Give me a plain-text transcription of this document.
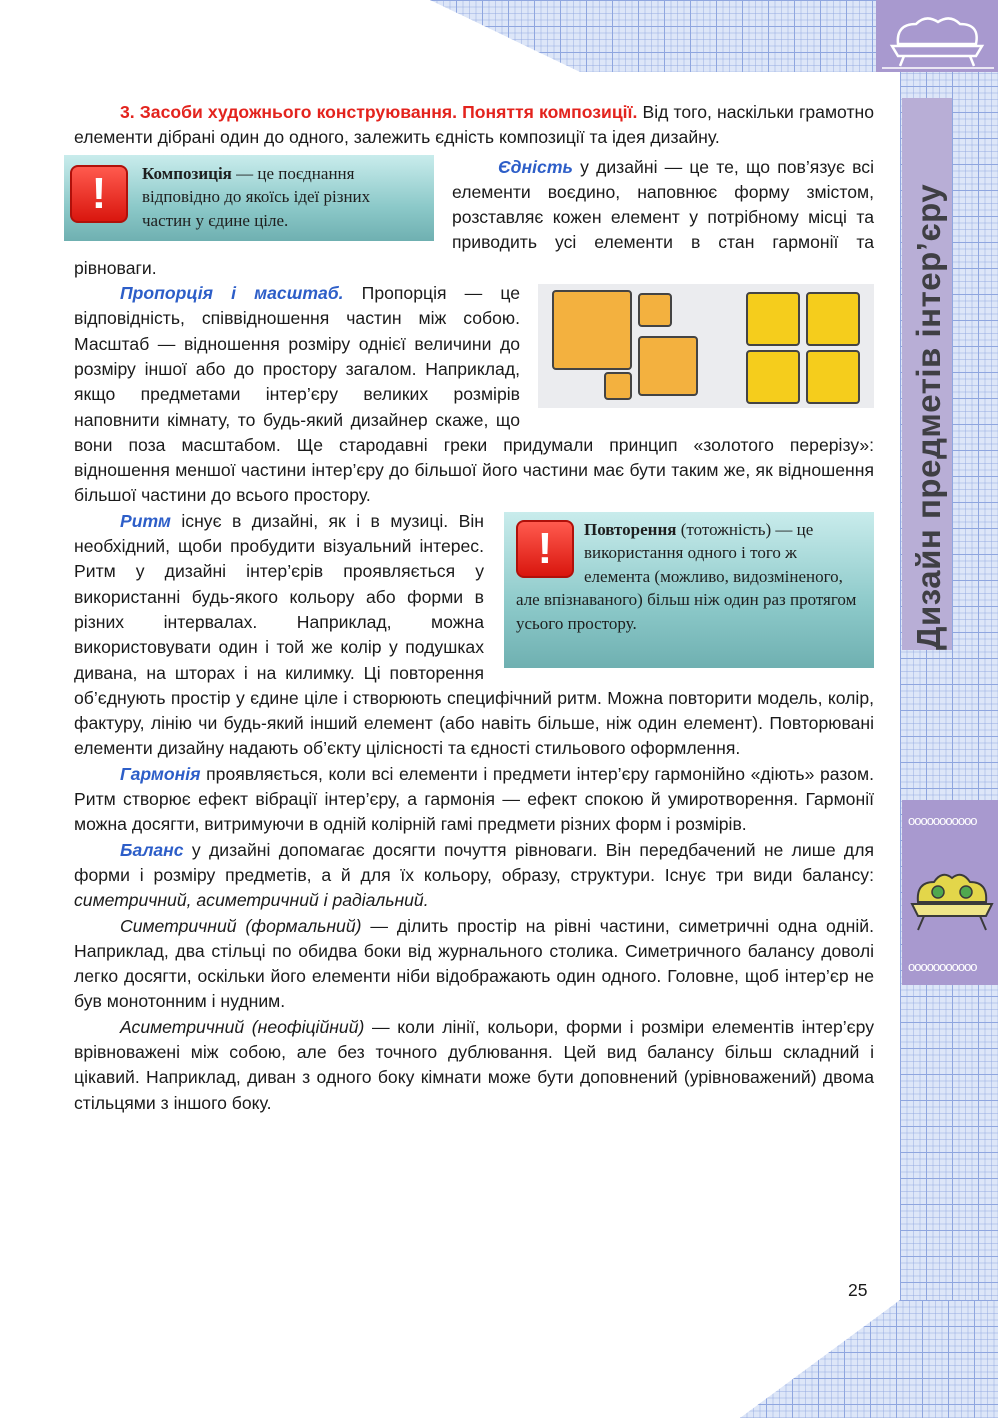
Дизайн предметів інтер’єру
ooooooooooo
ooooooooooo

3. Засоби художнього конструювання. Поняття композиції. Від того, наскільки грамотно елементи дібрані один до одного, залежить єдність композиції та ідея дизайну.

!	Композиція — це поєднання відповідно до якоїсь ідеї різних частин у єдине ціле.

Єдність у дизайні — це те, що пов’язує всі елементи воєдино, наповнює форму змістом, розставляє кожен елемент у потрібному місці та приводить усі елементи в стан гармонії та рівноваги.

Пропорція і масштаб. Пропорція — це відповідність, співвідношення частин між собою. Масштаб — відношення розміру однієї величини до розміру іншої або до простору загалом. Наприклад, якщо предметами інтер’єру великих розмірів наповнити кімнату, то будь-який дизайнер скаже, що вони поза масштабом. Ще стародавні греки придумали принцип «золотого перерізу»: відношення меншої частини інтер’єру до більшої його частини має бути таким же, як відношення більшої частини до всього простору.

!	Повторення (тотожність) — це використання одного і того ж елемента (можливо, видозміненого, але впізнаваного) більш ніж один раз протягом усього простору.

Ритм існує в дизайні, як і в музиці. Він необхідний, щоби пробудити візуальний інтерес. Ритм у дизайні інтер’єрів проявляється у використанні будь-якого кольору або форми в різних інтервалах. Наприклад, можна використовувати один і той же колір у подушках дивана, на шторах і на килимку. Ці повторення об’єднують простір у єдине ціле і створюють специфічний ритм. Можна повторити модель, колір, фактуру, лінію чи будь-який інший елемент (або навіть більше, ніж один елемент). Повторювані елементи дизайну надають об’єкту цілісності та єдності стильового оформлення.

Гармонія проявляється, коли всі елементи і предмети інтер’єру гармонійно «діють» разом. Ритм створює ефект вібрації інтер’єру, а гармонія — ефект спокою й умиротворення. Гармонії можна досягти, витримуючи в одній колірній гамі предмети різних форм і розмірів.

Баланс у дизайні допомагає досягти почуття рівноваги. Він передбачений не лише для форми і розміру предметів, а й для їх кольору, образу, структури. Існує три види балансу: симетричний, асиметричний і радіальний.

Симетричний (формальний) — ділить простір на рівні частини, симетричні одна одній. Наприклад, два стільці по обидва боки від журнального столика. Симетричного балансу доволі легко досягти, оскільки його елементи ніби відображають один одного. Головне, щоб інтер’єр не був монотонним і нудним.

Асиметричний (неофіційний) — коли лінії, кольори, форми і розміри елементів інтер’єру врівноважені між собою, але без точного дублювання. Цей вид балансу більш складний і цікавий. Наприклад, диван з одного боку кімнати може бути доповнений (урівноважений) двома стільцями з іншого боку.

25
